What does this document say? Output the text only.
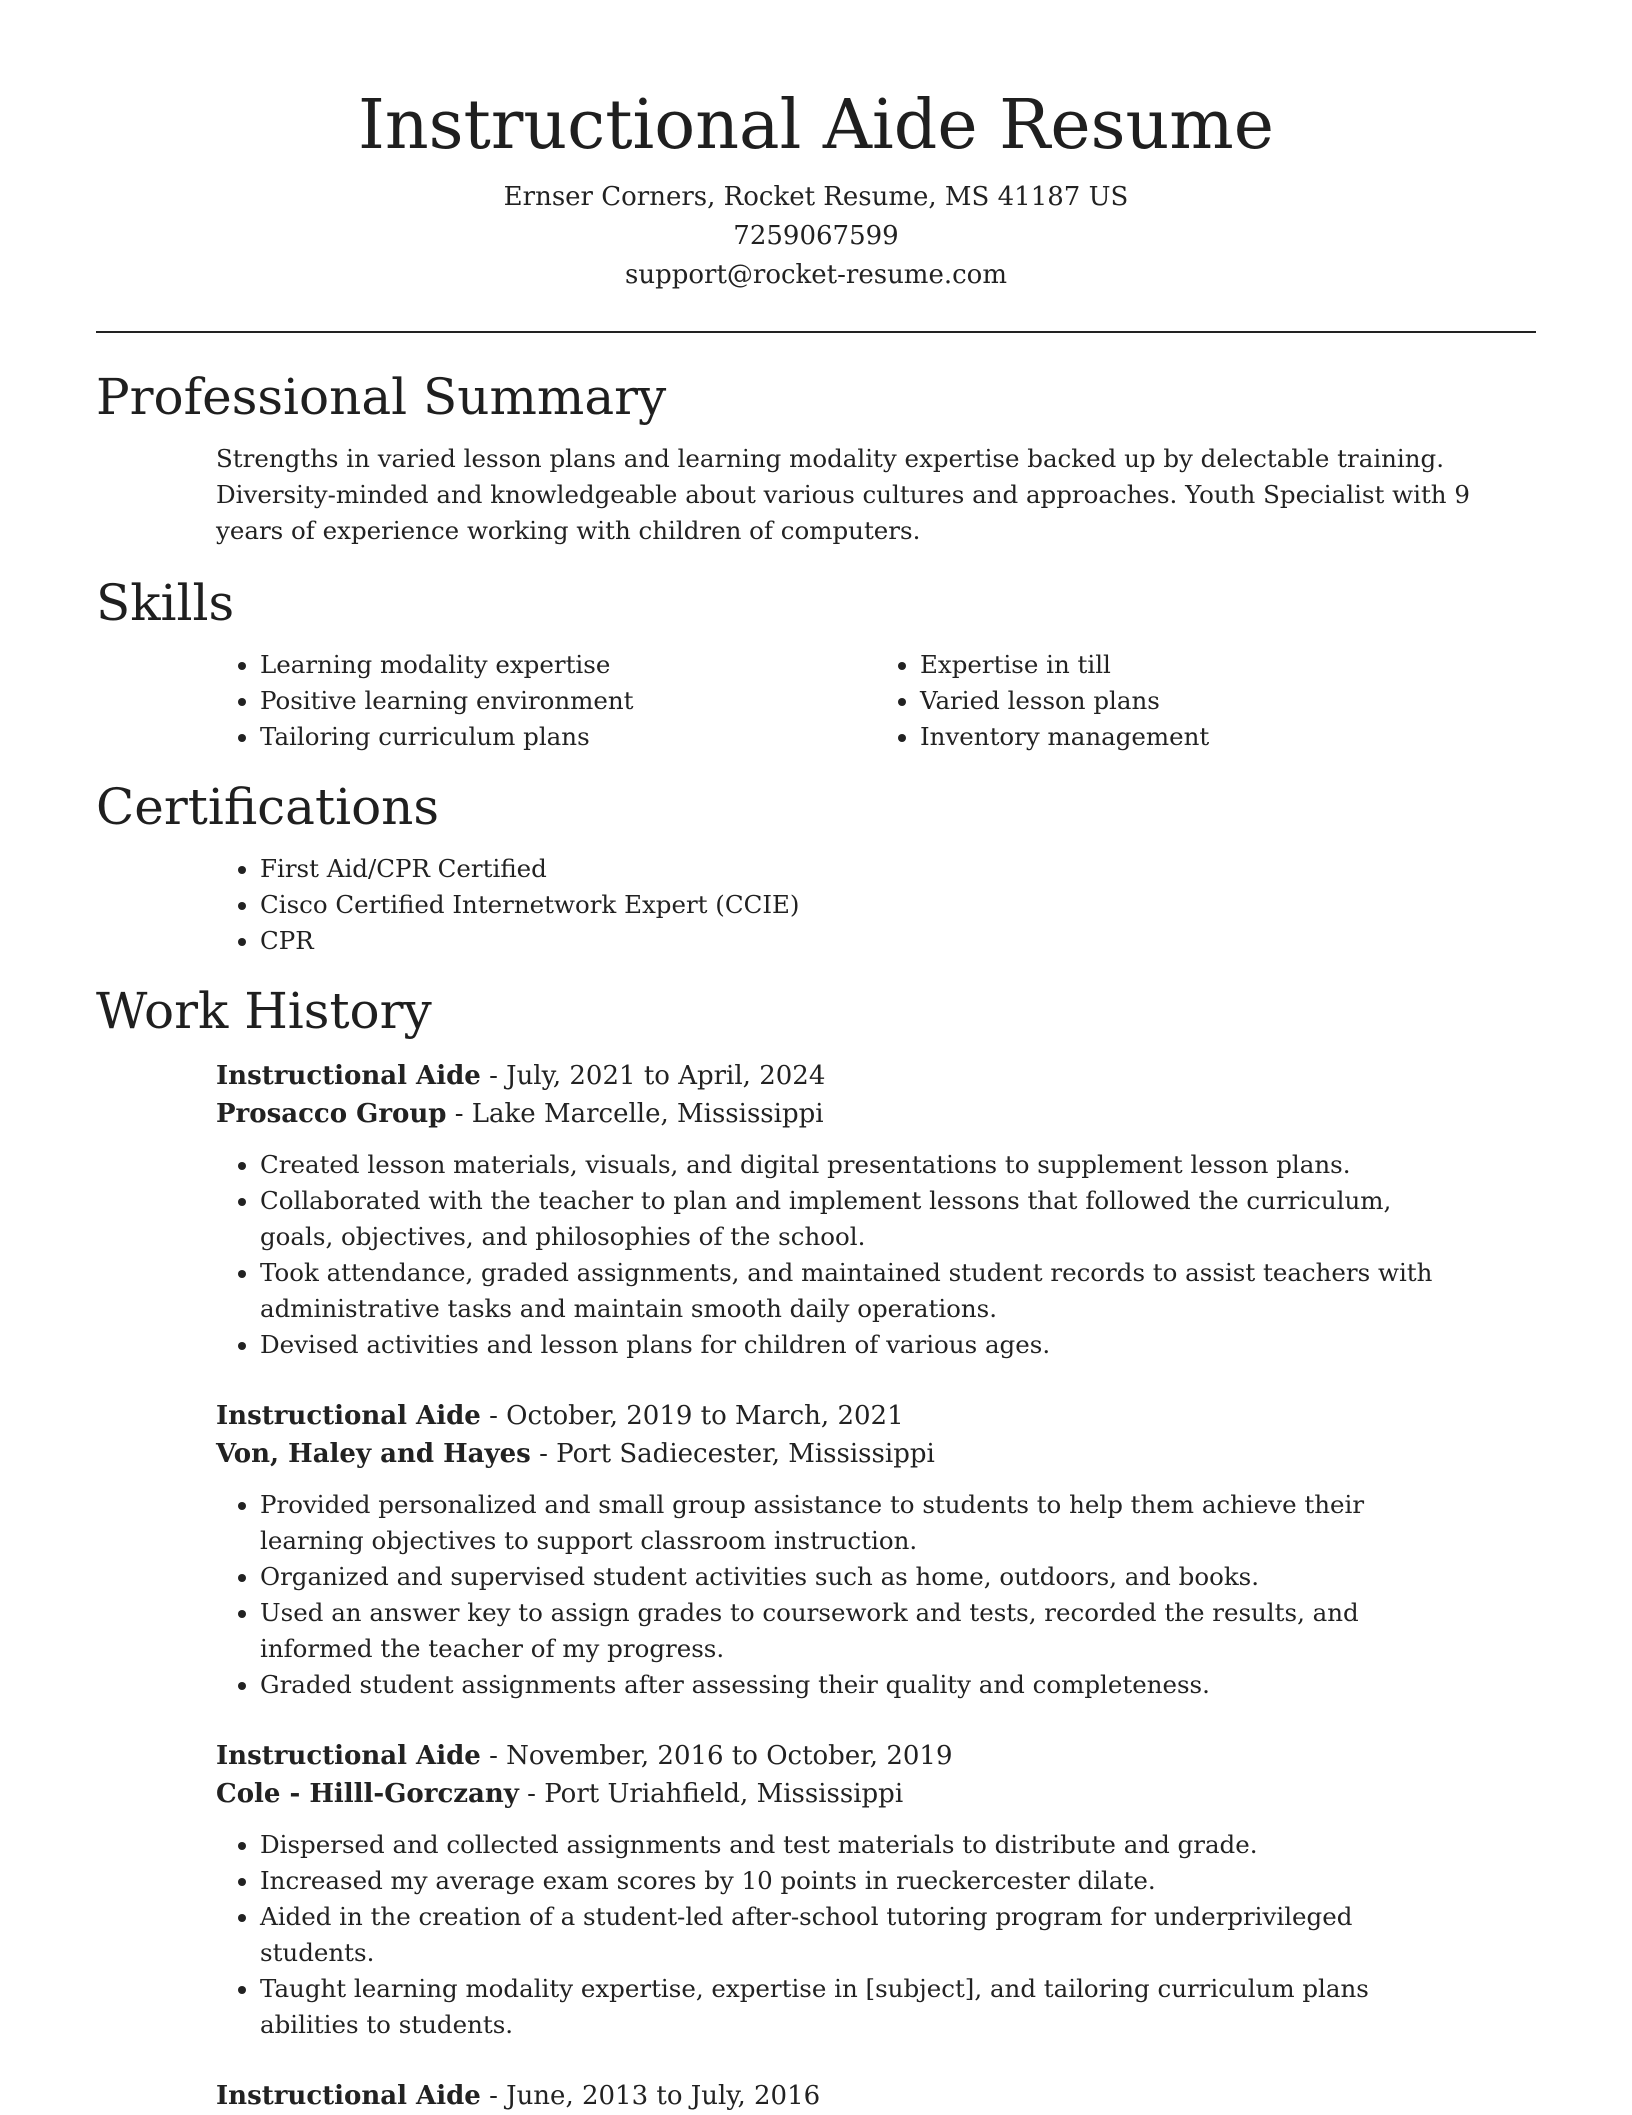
Instructional Aide Resume
Ernser Corners, Rocket Resume, MS 41187 US
7259067599
support@rocket-resume.com
Professional Summary

Strengths in varied lesson plans and learning modality expertise backed up by delectable training. Diversity-minded and knowledgeable about various cultures and approaches. Youth Specialist with 9 years of experience working with children of computers.

Skills
• Learning modality expertise
• Positive learning environment
• Tailoring curriculum plans
• Expertise in till
• Varied lesson plans
• Inventory management
Certifications
• First Aid/CPR Certified
• Cisco Certified Internetwork Expert (CCIE)
• CPR
Work History
Instructional Aide - July, 2021 to April, 2024
Prosacco Group - Lake Marcelle, Mississippi
• Created lesson materials, visuals, and digital presentations to supplement lesson plans.
• Collaborated with the teacher to plan and implement lessons that followed the curriculum, goals, objectives, and philosophies of the school.
• Took attendance, graded assignments, and maintained student records to assist teachers with administrative tasks and maintain smooth daily operations.
• Devised activities and lesson plans for children of various ages.
Instructional Aide - October, 2019 to March, 2021
Von, Haley and Hayes - Port Sadiecester, Mississippi
• Provided personalized and small group assistance to students to help them achieve their learning objectives to support classroom instruction.
• Organized and supervised student activities such as home, outdoors, and books.
• Used an answer key to assign grades to coursework and tests, recorded the results, and informed the teacher of my progress.
• Graded student assignments after assessing their quality and completeness.
Instructional Aide - November, 2016 to October, 2019
Cole - Hilll-Gorczany - Port Uriahfield, Mississippi
• Dispersed and collected assignments and test materials to distribute and grade.
• Increased my average exam scores by 10 points in rueckercester dilate.
• Aided in the creation of a student-led after-school tutoring program for underprivileged students.
• Taught learning modality expertise, expertise in [subject], and tailoring curriculum plans abilities to students.
Instructional Aide - June, 2013 to July, 2016
